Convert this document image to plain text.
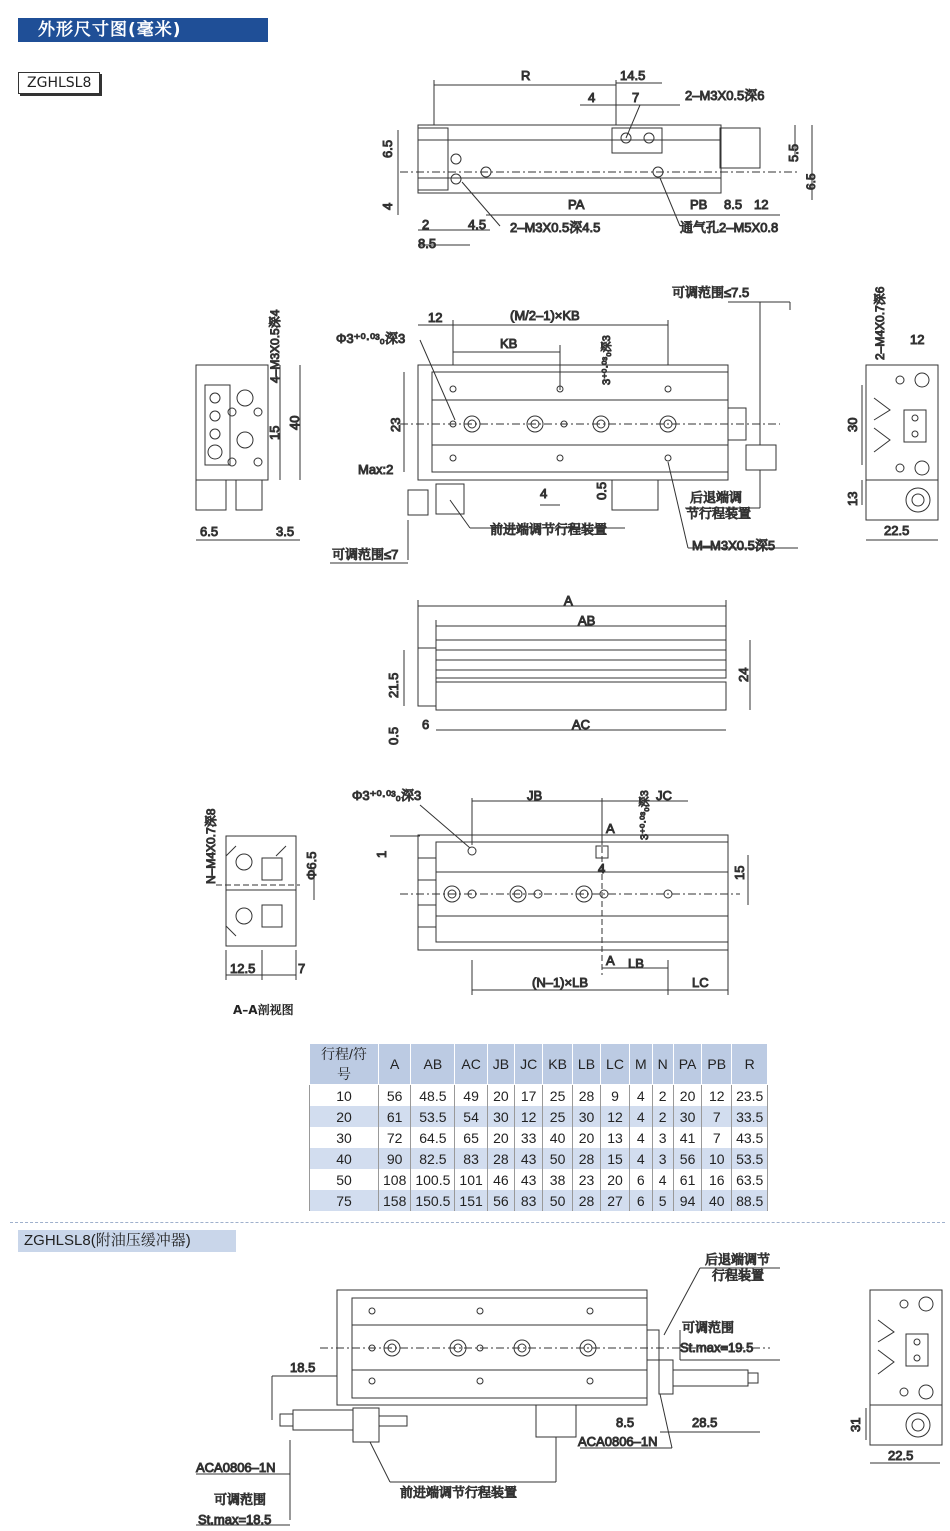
外形尺寸图(毫米)
ZGHLSL8
ZGHLSL8(附油压缓冲器)
A–A剖视图
R	14.5
4	7	2–M3X0.5深6
6.5
4
5.5
6.5
PA	PB 8.5 12
2	4.5 2–M3X0.5深4.5	通气孔2–M5X0.8
8.5
可调范围≤7.5
(M/2–1)×KB
12
KB
Φ3⁺⁰·⁰³₀深3	3⁺⁰·⁰³₀深3
23
Max:2
4	0.5	后退端调
节行程装置
前进端调节行程装置
M–M3X0.5深5
可调范围≤7
4–M3X0.5深4
15
40
6.5	3.5
2–M4X0.7深6 12
30
13
22.5
A
AB
21.5	24
0.5
6	AC
N–M4X0.7深8	Φ6.5
12.5	7
Φ3⁺⁰·⁰³₀深3	JB	3⁺⁰·⁰³₀深3 JC
1
A
4	15
A LB
(N–1)×LB	LC
后退端调节
行程装置
可调范围
St.max=19.5
18.5
8.5	28.5
ACA0806–1N
ACA0806–1N
前进端调节行程装置
可调范围
St.max=18.5
31
22.5
行程/符号	A	AB	AC	JB	JC	KB	LB	LC	M	N	PA	PB	R
10	56	48.5	49	20	17	25	28	9	4	2	20	12	23.5
20	61	53.5	54	30	12	25	30	12	4	2	30	7	33.5
30	72	64.5	65	20	33	40	20	13	4	3	41	7	43.5
40	90	82.5	83	28	43	50	28	15	4	3	56	10	53.5
50	108	100.5	101	46	43	38	23	20	6	4	61	16	63.5
75	158	150.5	151	56	83	50	28	27	6	5	94	40	88.5
